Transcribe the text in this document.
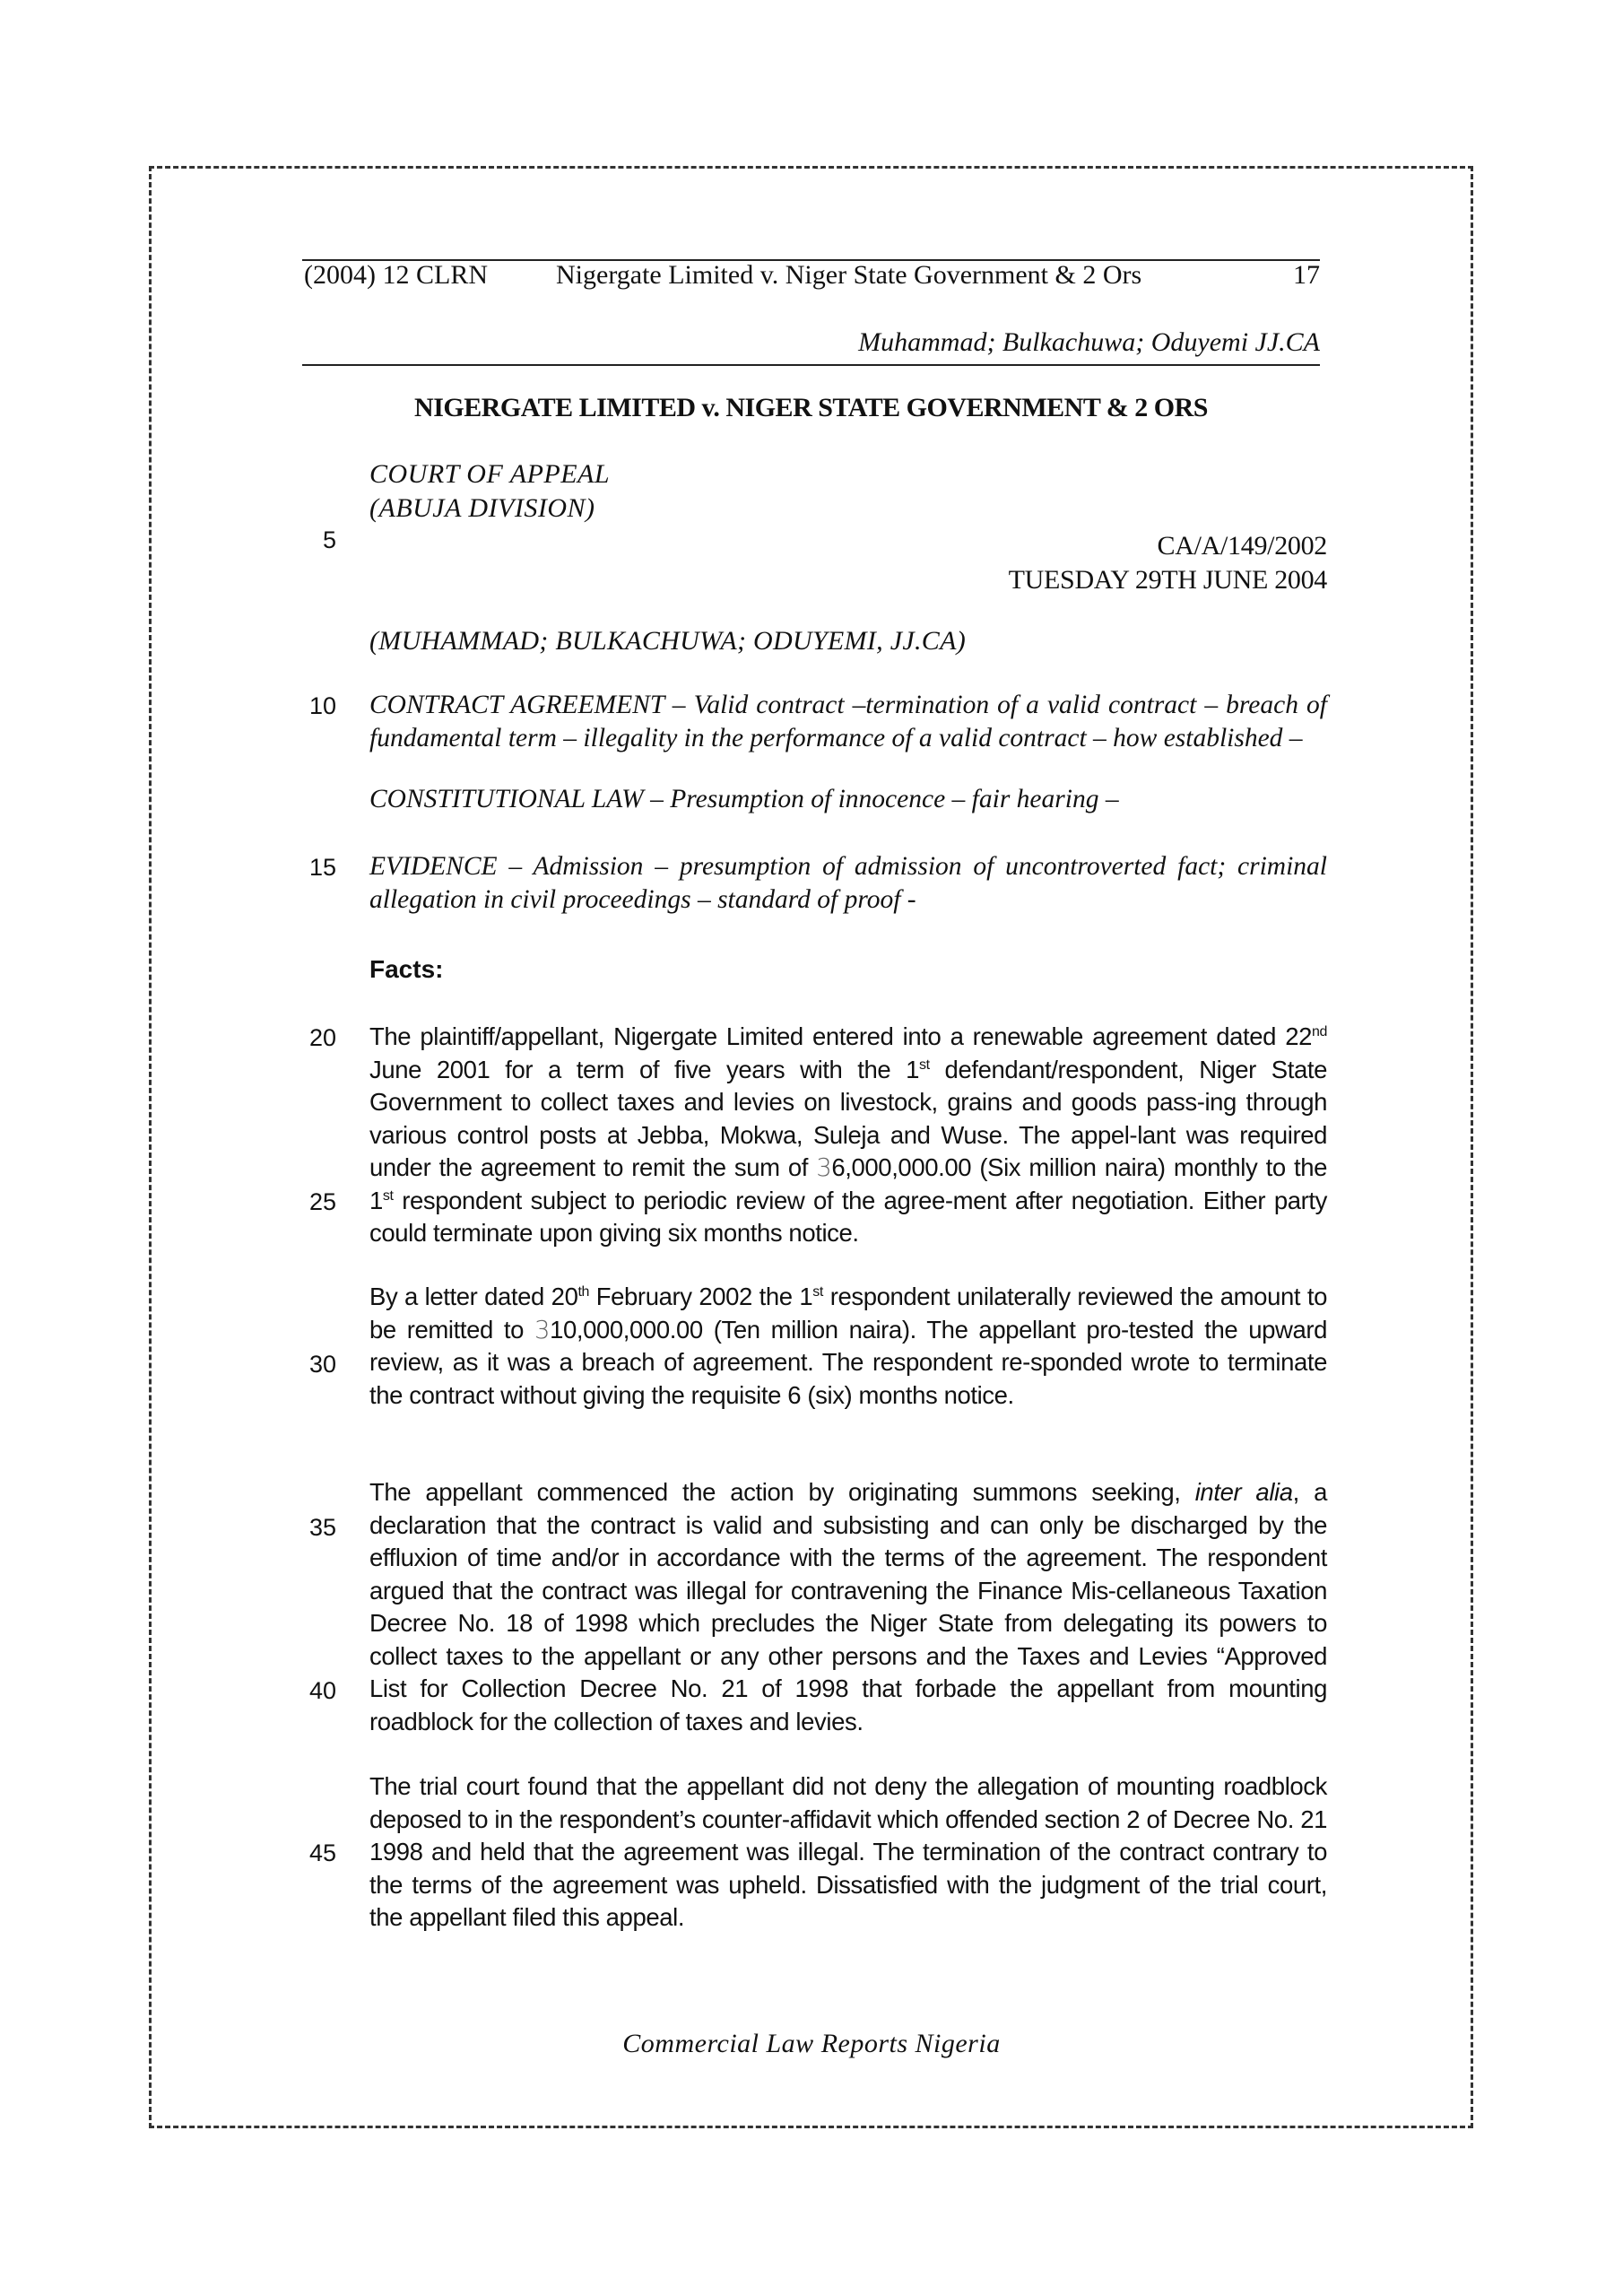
(2004) 12 CLRN	Nigergate Limited v. Niger State Government & 2 Ors	17
Muhammad; Bulkachuwa; Oduyemi JJ.CA
NIGERGATE LIMITED v. NIGER STATE GOVERNMENT & 2 ORS
COURT OF APPEAL
(ABUJA DIVISION)
CA/A/149/2002
TUESDAY 29TH JUNE 2004
(MUHAMMAD; BULKACHUWA; ODUYEMI, JJ.CA)
CONTRACT AGREEMENT – Valid contract –termination of a valid contract – breach of fundamental term – illegality in the performance of a valid contract – how established –
CONSTITUTIONAL LAW – Presumption of innocence – fair hearing –
EVIDENCE – Admission – presumption of admission of uncontroverted fact; criminal allegation in civil proceedings – standard of proof -
Facts:
The plaintiff/appellant, Nigergate Limited entered into a renewable agreement dated 22nd June 2001 for a term of five years with the 1st defendant/respondent, Niger State Government to collect taxes and levies on livestock, grains and goods pass-ing through various control posts at Jebba, Mokwa, Suleja and Wuse. The appel-lant was required under the agreement to remit the sum of 36,000,000.00 (Six million naira) monthly to the 1st respondent subject to periodic review of the agree-ment after negotiation. Either party could terminate upon giving six months notice.
By a letter dated 20th February 2002 the 1st respondent unilaterally reviewed the amount to be remitted to 310,000,000.00 (Ten million naira). The appellant pro-tested the upward review, as it was a breach of agreement. The respondent re-sponded wrote to terminate the contract without giving the requisite 6 (six) months notice.
The appellant commenced the action by originating summons seeking, inter alia, a declaration that the contract is valid and subsisting and can only be discharged by the effluxion of time and/or in accordance with the terms of the agreement. The respondent argued that the contract was illegal for contravening the Finance Mis-cellaneous Taxation Decree No. 18 of 1998 which precludes the Niger State from delegating its powers to collect taxes to the appellant or any other persons and the Taxes and Levies “Approved List for Collection Decree No. 21 of 1998 that forbade the appellant from mounting roadblock for the collection of taxes and levies.
The trial court found that the appellant did not deny the allegation of mounting roadblock deposed to in the respondent’s counter-affidavit which offended section 2 of Decree No. 21 1998 and held that the agreement was illegal. The termination of the contract contrary to the terms of the agreement was upheld. Dissatisfied with the judgment of the trial court, the appellant filed this appeal.
5
10
15
20
25
30
35
40
45
Commercial Law Reports Nigeria
